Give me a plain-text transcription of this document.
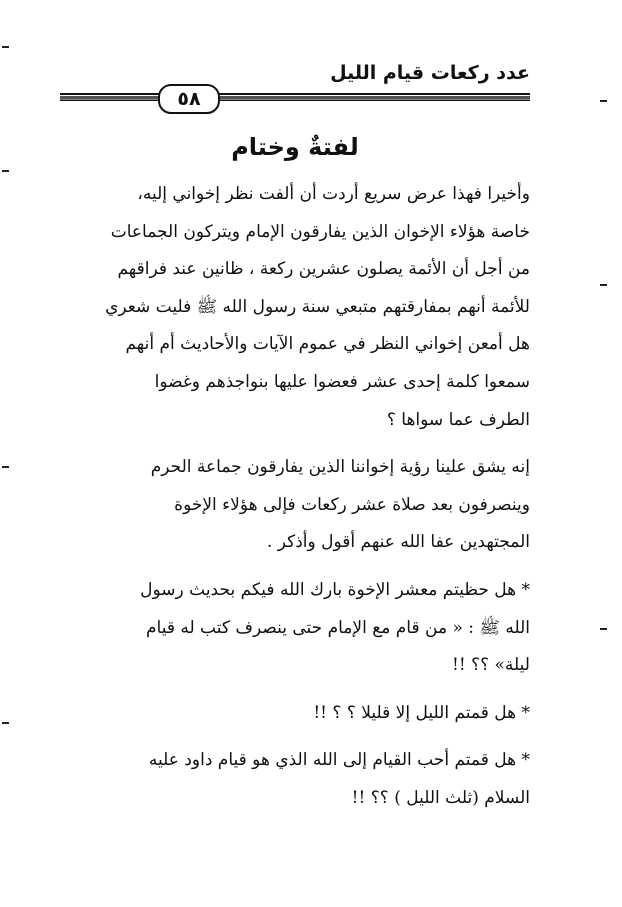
عدد ركعات قيام الليل
٥٨
لفتةٌ وختام

وأخيرا فهذا عرض سريع أردت أن ألفت نظر إخواني إليه،
خاصة هؤلاء الإخوان الذين يفارقون الإمام ويتركون الجماعات
من أجل أن الأئمة يصلون عشرين ركعة ، ظانين عند فراقهم
للأئمة أنهم بمفارقتهم متبعي سنة رسول الله ﷺ فليت شعري
هل أمعن إخواني النظر في عموم الآيات والأحاديث أم أنهم
سمعوا كلمة إحدى عشر فعضوا عليها بنواجذهم وغضوا
الطرف عما سواها ؟

إنه يشق علينا رؤية إخواننا الذين يفارقون جماعة الحرم
وينصرفون بعد صلاة عشر ركعات فإلى هؤلاء الإخوة
المجتهدين عفا الله عنهم أقول وأذكر .

* هل حظيتم معشر الإخوة بارك الله فيكم بحديث رسول
الله ﷺ : « من قام مع الإمام حتى ينصرف كتب له قيام
ليلة» ؟؟ !!

* هل قمتم الليل إلا قليلا ؟ ؟ !!

* هل قمتم أحب القيام إلى الله الذي هو قيام داود عليه
السلام (ثلث الليل ) ؟؟ !!
